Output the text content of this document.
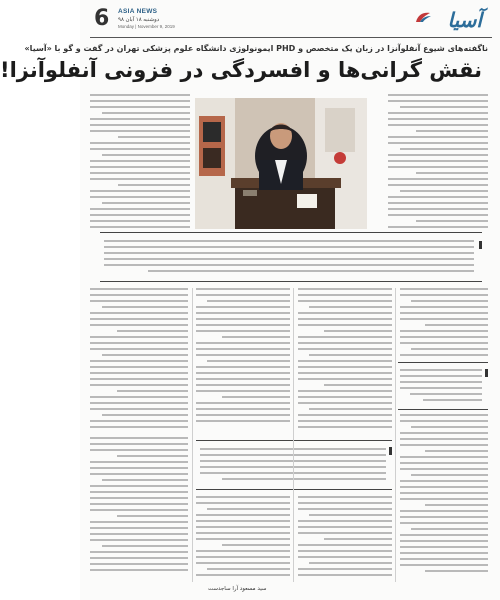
6 ASIA NEWS
دوشنبه ۱۸ آبان ۹۸
Monday | November 9, 2019	آسیا
ناگفته‌های شیوع آنفلوآنزا در زبان یک متخصص و PHD ایمونولوژی دانشگاه علوم پزشکی تهران در گفت و گو با «آسیا»
نقش گرانی‌ها و افسردگی در فزونی آنفلوآنزا!
سید مسعود آرا ساجدست
